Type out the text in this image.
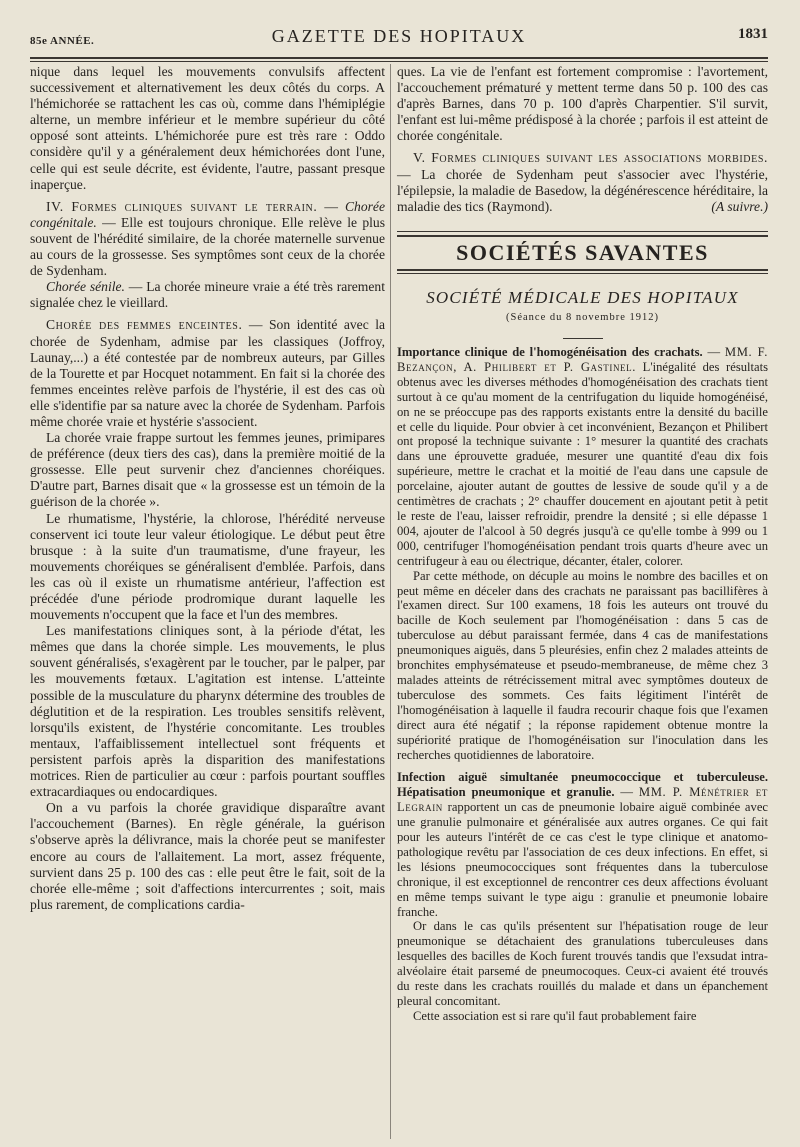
85e ANNÉE.	GAZETTE DES HOPITAUX	1831

nique dans lequel les mouvements convulsifs affectent successivement et alternativement les deux côtés du corps. A l'hémichorée se rattachent les cas où, comme dans l'hémiplégie alterne, un membre inférieur et le membre supérieur du côté opposé sont atteints. L'hémichorée pure est très rare : Oddo considère qu'il y a généralement deux hémichorées dont l'une, celle qui est seule décrite, est évidente, l'autre, passant presque inaperçue.

IV. Formes cliniques suivant le terrain. — Chorée congénitale. — Elle est toujours chronique. Elle relève le plus souvent de l'hérédité similaire, de la chorée maternelle survenue au cours de la grossesse. Ses symptômes sont ceux de la chorée de Sydenham.

Chorée sénile. — La chorée mineure vraie a été très rarement signalée chez le vieillard.

Chorée des femmes enceintes. — Son identité avec la chorée de Sydenham, admise par les classiques (Joffroy, Launay,...) a été contestée par de nombreux auteurs, par Gilles de la Tourette et par Hocquet notamment. En fait si la chorée des femmes enceintes relève parfois de l'hystérie, il est des cas où elle s'identifie par sa nature avec la chorée de Sydenham. Parfois même chorée vraie et hystérie s'associent.

La chorée vraie frappe surtout les femmes jeunes, primipares de préférence (deux tiers des cas), dans la première moitié de la grossesse. Elle peut survenir chez d'anciennes choréiques. D'autre part, Barnes disait que « la grossesse est un témoin de la guérison de la chorée ».

Le rhumatisme, l'hystérie, la chlorose, l'hérédité nerveuse conservent ici toute leur valeur étiologique. Le début peut être brusque : à la suite d'un traumatisme, d'une frayeur, les mouvements choréiques se généralisent d'emblée. Parfois, dans les cas où il existe un rhumatisme antérieur, l'affection est précédée d'une période prodromique durant laquelle les mouvements n'occupent que la face et l'un des membres.

Les manifestations cliniques sont, à la période d'état, les mêmes que dans la chorée simple. Les mouvements, le plus souvent généralisés, s'exagèrent par le toucher, par le palper, par les mouvements fœtaux. L'agitation est intense. L'atteinte possible de la musculature du pharynx détermine des troubles de déglutition et de la respiration. Les troubles sensitifs relèvent, lorsqu'ils existent, de l'hystérie concomitante. Les troubles mentaux, l'affaiblissement intellectuel sont fréquents et persistent parfois après la disparition des manifestations motrices. Rien de particulier au cœur : parfois pourtant souffles extracardiaques ou endocardiques.

On a vu parfois la chorée gravidique disparaître avant l'accouchement (Barnes). En règle générale, la guérison s'observe après la délivrance, mais la chorée peut se manifester encore au cours de l'allaitement. La mort, assez fréquente, survient dans 25 p. 100 des cas : elle peut être le fait, soit de la chorée elle-même ; soit d'affections intercurrentes ; soit, mais plus rarement, de complications cardia-

ques. La vie de l'enfant est fortement compromise : l'avortement, l'accouchement prématuré y mettent terme dans 50 p. 100 des cas d'après Barnes, dans 70 p. 100 d'après Charpentier. S'il survit, l'enfant est lui-même prédisposé à la chorée ; parfois il est atteint de chorée congénitale.

V. Formes cliniques suivant les associations morbides. — La chorée de Sydenham peut s'associer avec l'hystérie, l'épilepsie, la maladie de Basedow, la dégénérescence héréditaire, la maladie des tics (Raymond).	(A suivre.)

SOCIÉTÉS SAVANTES
SOCIÉTÉ MÉDICALE DES HOPITAUX
(Séance du 8 novembre 1912)

Importance clinique de l'homogénéisation des crachats. — MM. F. Bezançon, A. Philibert et P. Gastinel. L'inégalité des résultats obtenus avec les diverses méthodes d'homogénéisation des crachats tient surtout à ce qu'au moment de la centrifugation du liquide homogénéisé, on ne se préoccupe pas des rapports existants entre la densité du bacille et celle du liquide. Pour obvier à cet inconvénient, Bezançon et Philibert ont proposé la technique suivante : 1° mesurer la quantité des crachats dans une éprouvette graduée, mesurer une quantité d'eau dix fois supérieure, mettre le crachat et la moitié de l'eau dans une capsule de porcelaine, ajouter autant de gouttes de lessive de soude qu'il y a de centimètres de crachats ; 2° chauffer doucement en ajoutant petit à petit le reste de l'eau, laisser refroidir, prendre la densité ; si elle dépasse 1 004, ajouter de l'alcool à 50 degrés jusqu'à ce qu'elle tombe à 999 ou 1 000, centrifuger l'homogénéisation pendant trois quarts d'heure avec un centrifugeur à eau ou électrique, décanter, étaler, colorer.

Par cette méthode, on décuple au moins le nombre des bacilles et on peut même en déceler dans des crachats ne paraissant pas bacillifères à l'examen direct. Sur 100 examens, 18 fois les auteurs ont trouvé du bacille de Koch seulement par l'homogénéisation : dans 5 cas de tuberculose au début paraissant fermée, dans 4 cas de manifestations pneumoniques aiguës, dans 5 pleurésies, enfin chez 2 malades atteints de bronchites emphysémateuse et pseudo-membraneuse, de même chez 3 malades atteints de rétrécissement mitral avec symptômes douteux de tuberculose des sommets. Ces faits légitiment l'intérêt de l'homogénéisation à laquelle il faudra recourir chaque fois que l'examen direct aura été négatif ; la réponse rapidement obtenue montre la supériorité pratique de l'homogénéisation sur l'inoculation dans les recherches quotidiennes de laboratoire.

Infection aiguë simultanée pneumococcique et tuberculeuse. Hépatisation pneumonique et granulie. — MM. P. Ménétrier et Legrain rapportent un cas de pneumonie lobaire aiguë combinée avec une granulie pulmonaire et généralisée aux autres organes. Ce qui fait pour les auteurs l'intérêt de ce cas c'est le type clinique et anatomo-pathologique revêtu par l'association de ces deux infections. En effet, si les lésions pneumococciques sont fréquentes dans la tuberculose chronique, il est exceptionnel de rencontrer ces deux affections évoluant en même temps suivant le type aigu : granulie et pneumonie lobaire franche.

Or dans le cas qu'ils présentent sur l'hépatisation rouge de leur pneumonique se détachaient des granulations tuberculeuses dans lesquelles des bacilles de Koch furent trouvés tandis que l'exsudat intra-alvéolaire était parsemé de pneumocoques. Ceux-ci avaient été trouvés du reste dans les crachats rouillés du malade et dans un épanchement pleural concomitant.

Cette association est si rare qu'il faut probablement faire
